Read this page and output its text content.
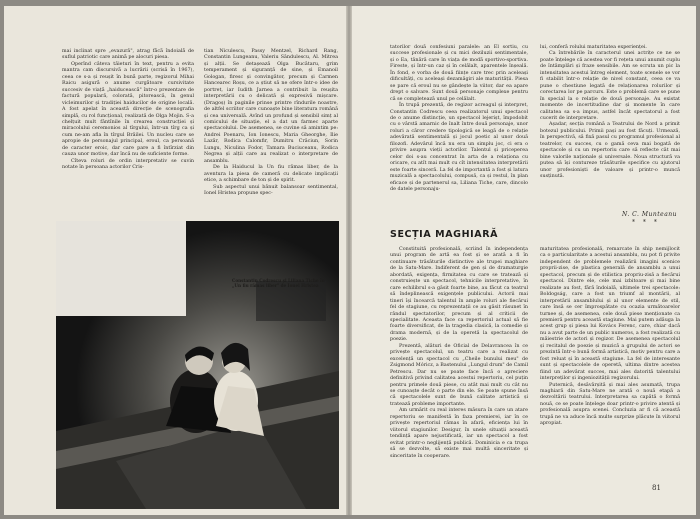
mai inclinat spre „evazură", atrag fãcã îndoialã de suflul patriotic care animã pe alocuri piesa.

Operînd câteva tăieturi în text, pentru a evita mantra cam discursivã a lucrării (scrisă în 1967), ceea ce s-a și reușit în bunã parte, regizorul Mihai Raicu asigurã o anume curgãtoare cursivitate succesiv de viațã „haiduceascã" într-o prezentare de factură populară, colorată, pitorească, în genul vicleimurilor și tradiției haiducilor de origine locală. A fost apelat în această direcție de scenografia simplă, cu rol funcțional, realizată de Olga Mojin. S-a chelțuit mult fântînile în crearea construcției și miracolului ceremonios al tîrgului, într-un tîrg ca și cum ne-am afla în tîrgul Brăilei. Un nucleu care se apropie de personajul principal, eroul, ca persoană de caracter eroic, dar care pare a fi întîrziat din cauza unor motive, dar încă nu de suficiente forme.

Cîteva roluri de ordin interpretativ se cuvin notate în persoana actorilor Cris-

tian Niculescu, Passy Mentzel, Richard Rang, Constantin Lungeanu, Valeriu Săndulescu, Al. Mitrea și alții. Se detașează Olga Bucătaru, grim temperament și siguranță de sine, și Emanoil Gologan, firesc și convingător, precum și Carmen Hancearec Roșu, ce a știut să ne ofere într-o idee de portret, iar Iudith Jarnea a contribuit la reușita interpretării cu o delicată și expresivă mișcare. (Dragoș) în paginile prinse printre rîndurile noastre, de altfel scriitor care cunoaște bine literatura română și cea universală. Avînd un profund și sensibil simț al comicului de situație, el a dat un farmec aparte spectacolului. De asemenea, se cuvine să amintim pe: Andrei Poenaru, Ion Ionescu, Maria Gheorghe, Ilie Lazăr, Rodica Calomfir, Dumitru Crăciun, Sorin Lungu, Niculina Fodor, Tamara Buciuceanu, Rodica Negrea și alții care au realizat o interpretare de ansamblu.

De la Haiducul la Un fiu rămas liber, de la aventura la piesa de cameră cu delicate implicații etice, a schimbare de ton și de spirit.

Sub aspectul unui bănuit balansoar sentimental, Ionel Hristea propune spec-

Constantin Codrescu și Liliana Tiche în „Un fiu rămas liber" de Ionel Hristea

tatorilor două confesiuni paralele: an El sortiu, cu succese profesionale și cu mici deziluzii sentimentale, și o Ea, tânără care în viața de modã sportivo-sportiva. Fireste, și într-un caz și în celălalt, aparentele înșeală. În fond, e vorba de două ființe care trec prin aceleași dificultăți, cu aceleași dezamăgiri ale maturității. Piesa se pare că eroul nu se gândește la viitor, dar ea apare drept o salvare. Sunt două personaje complexe pentru că se completează unul pe celălalt.

În trupă prezentă, de regizor acreagul și interpret, Constantin Codrescu ceea realizatorul unui spectacol de o anume distincție, un spectacol lejerișt, împodobit cu o vârstă amarnic de înalt între două personaje, unor roluri a căror credere tipologică se leagă de o relație adevărată sentimentală și jocul poetic al unor două filozofi. Adevărul încă nu era un simplu joc, ci era o privire asupra vieții actorilor. Talentul și priceperea celor doi s-au concentrat în arta de a relaționa cu oricare, cu atît mai mult cu cît intensitatea interpretării este foarte sinceră. La fel de importantă a fost și latura muzicală a spectacolului, compusă, ca și restul, în plan eficace și de partenerul sa, Liliana Tiche, care, dincolo de datele personaju-

lui, conferă rolului maturitatea experienței.

Ca întrebările în caracterul unei actrițe ce ne se poate înțelege că acestea vor fi rețeta unui anumit cuplu de întâmplări și fraze sensibile. Am se scruta un pic la intensitatea acestui întreg element, toate scenele se vor fi stabilit într-o relație de nivel constant, ceea ce va pune o chestiune legată de relaționarea rolurilor și corectarea lor pe parcurs. Este o problemă care se pune în special la o relație de două personaje. Au existat momente de incertitudine dar și momente în care calitatea sa s-a impus, astfel încât spectatorul a fost cucerit de interpretare.

Așadar, secția română a Teatrului de Nord a primit botezul publicului. Primii pași au fost făcuți. Urmează, în perspectivă, să fixă pasul cu programul profesional al teatrelor, cu succes, cu o gamă ceva mai bogată de spectacole și cu un repertoriu care să reflecte cât mai bine valorile naționale și universale. Noua structură va putea să își contureze trăsăturile specifice cu ajutorul unor profesioniști de valoare și printr-o muncă susținută.

N. C. Munteanu
* * *
SECȚIA MAGHIARĂ

Constituită profesională, scriind în independența unui program de artă ea fost și se arată a fi în continuare trăsăturile distinctive ale trupei maghiare de la Satu-Mare. Indiferent de gen și de dramaturgie abordată, exigența, firmitatea cu care se tratează și construiește un spectacol, tehnicile interpretative, în care echilibrul s-a găsit foarte bine, au făcut ca teatrul să îndeplinească exigențele publicului. Actorii mai tineri își încearcă talentul în ample roluri ale fiecărui fel de stagiune, cu reprezentații ce au găsit răsunet în rândul spectatorilor, precum și al criticii de specialitate. Aceasta face ca repertoriul actual să fie foarte diversificat, de la tragedia clasică, la comedie și drama modernă, și de la operetă la spectacolul de poezie.

Prezentă, alături de Oficial de Delavrancea în ce privește spectacolul, un teatru care a realizat cu excelență un spectacol cu „Cheile bunului meu" de Zsigmond Móricz, a Bastenului „Lungul drum" de Camil Petrescu. Dar nu se poate face încă o apreciere definitivă privind calitatea acestui repertoriu, cel puțin pentru primele două piese, cu atât mai mult cu cât nu se cunoaște decât o parte din ele. Se poate spune însă că spectacolele sunt de bună calitate artistică și tratează probleme importante.

Am urmărit cu real interes măsura în care un atare repertoriu se manifestă în faza premierei, iar în ce privește repertoriul rămas în afară, eficiența lui în viitorul stagiunilor. Desigur, în unele situații această tendință apare nejustificată, iar un spectacol a fost evitat printr-o neglijență publică. Dominicia e ca trupa să se dezvolte, să existe mai multă sinceritate și sinceritate în cooperare.

maturitatea profesională, remarcate în ship nemijlocit ca o particularitate a acestui ansamblu, nu pot fi privite independent de problemele realizării imagini scenice proprii-zise, de plastica generală de ansamblu a unui spectacol, precum și de stilistica propriu-zisă a fiecărui spectacol. Dintre ele, cele mai izbitoare și mai bine realizate au fost, fără îndoială, ultimele trei spectacole: Boldogság, care a fost un triumf al montării, al interpretării ansamblului și al unor elemente de stil, care însă se cer împrospătate cu ocazia următoarelor turnee și, de asemenea, cele două piese menționate ca premieră pentru această stagiune. Mai putem adăuga la acest grup și piesa lui Kovács Ferenc, care, chiar dacă nu a avut parte de un public numeros, a fost realizată cu măiestrie de actori și regizor. De asemenea spectacolul și recitalul de poezie și muzică a grupului de actori se prezintă într-o bună formă artistică, motiv pentru care a fost reluat și în această stagiune. La fel de interesante sunt și spectacolele de operetă, ultima dintre acestea fiind un adevărat succes, mai ales datorită talentului interpreților și ingeniozității regizorului.

Puternică, desăvârșită și mai ales asumată, trupa maghiară din Satu-Mare ne arată o nouă etapă a dezvoltării teatrului. Interpretarea sa capătă o formă nouă, ce se poate înțelege doar printr-o privire atentă și profesională asupra scenei. Concluzia ar fi că această trupă ne va aduce încă multe surprize plăcute în viitorul apropiat.

81
